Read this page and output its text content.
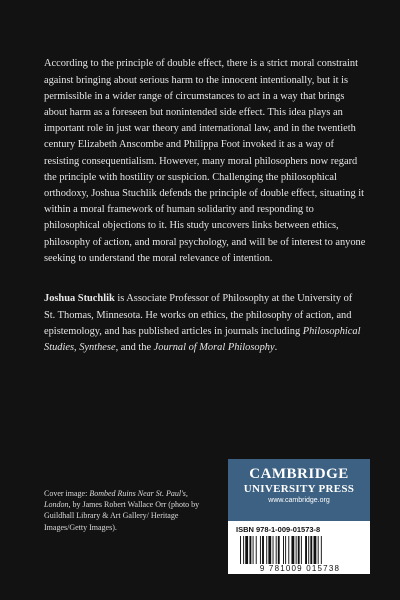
According to the principle of double effect, there is a strict moral constraint against bringing about serious harm to the innocent intentionally, but it is permissible in a wider range of circumstances to act in a way that brings about harm as a foreseen but nonintended side effect. This idea plays an important role in just war theory and international law, and in the twentieth century Elizabeth Anscombe and Philippa Foot invoked it as a way of resisting consequentialism. However, many moral philosophers now regard the principle with hostility or suspicion. Challenging the philosophical orthodoxy, Joshua Stuchlik defends the principle of double effect, situating it within a moral framework of human solidarity and responding to philosophical objections to it. His study uncovers links between ethics, philosophy of action, and moral psychology, and will be of interest to anyone seeking to understand the moral relevance of intention.

Joshua Stuchlik is Associate Professor of Philosophy at the University of St. Thomas, Minnesota. He works on ethics, the philosophy of action, and epistemology, and has published articles in journals including Philosophical Studies, Synthese, and the Journal of Moral Philosophy.

Cover image: Bombed Ruins Near St. Paul's, London, by James Robert Wallace Orr (photo by Guildhall Library & Art Gallery/ Heritage Images/Getty Images).

CAMBRIDGE
UNIVERSITY PRESS
www.cambridge.org
ISBN 978-1-009-01573-8
9 781009 015738
